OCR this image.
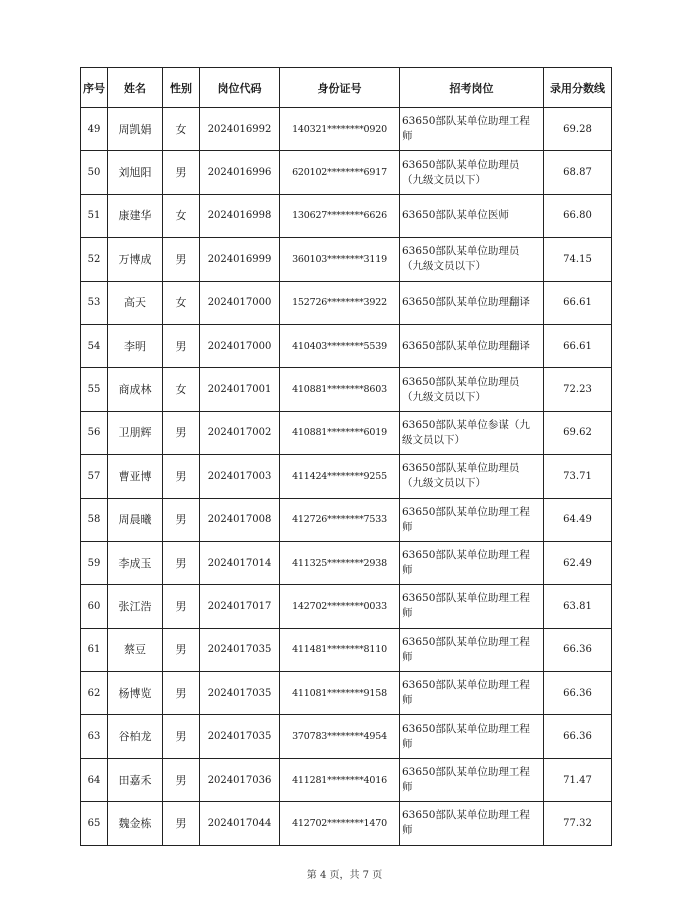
序号	姓名	性别	岗位代码	身份证号	招考岗位	录用分数线
49	周凯娟	女	2024016992	140321********0920	63650部队某单位助理工程师	69.28
50	刘旭阳	男	2024016996	620102********6917	63650部队某单位助理员（九级文员以下）	68.87
51	康建华	女	2024016998	130627********6626	63650部队某单位医师	66.80
52	万博成	男	2024016999	360103********3119	63650部队某单位助理员（九级文员以下）	74.15
53	高天	女	2024017000	152726********3922	63650部队某单位助理翻译	66.61
54	李明	男	2024017000	410403********5539	63650部队某单位助理翻译	66.61
55	商成林	女	2024017001	410881********8603	63650部队某单位助理员（九级文员以下）	72.23
56	卫朋辉	男	2024017002	410881********6019	63650部队某单位参谋（九级文员以下）	69.62
57	曹亚博	男	2024017003	411424********9255	63650部队某单位助理员（九级文员以下）	73.71
58	周晨曦	男	2024017008	412726********7533	63650部队某单位助理工程师	64.49
59	李成玉	男	2024017014	411325********2938	63650部队某单位助理工程师	62.49
60	张江浩	男	2024017017	142702********0033	63650部队某单位助理工程师	63.81
61	蔡豆	男	2024017035	411481********8110	63650部队某单位助理工程师	66.36
62	杨博览	男	2024017035	411081********9158	63650部队某单位助理工程师	66.36
63	谷柏龙	男	2024017035	370783********4954	63650部队某单位助理工程师	66.36
64	田嘉禾	男	2024017036	411281********4016	63650部队某单位助理工程师	71.47
65	魏金栋	男	2024017044	412702********1470	63650部队某单位助理工程师	77.32
第 4 页，共 7 页
